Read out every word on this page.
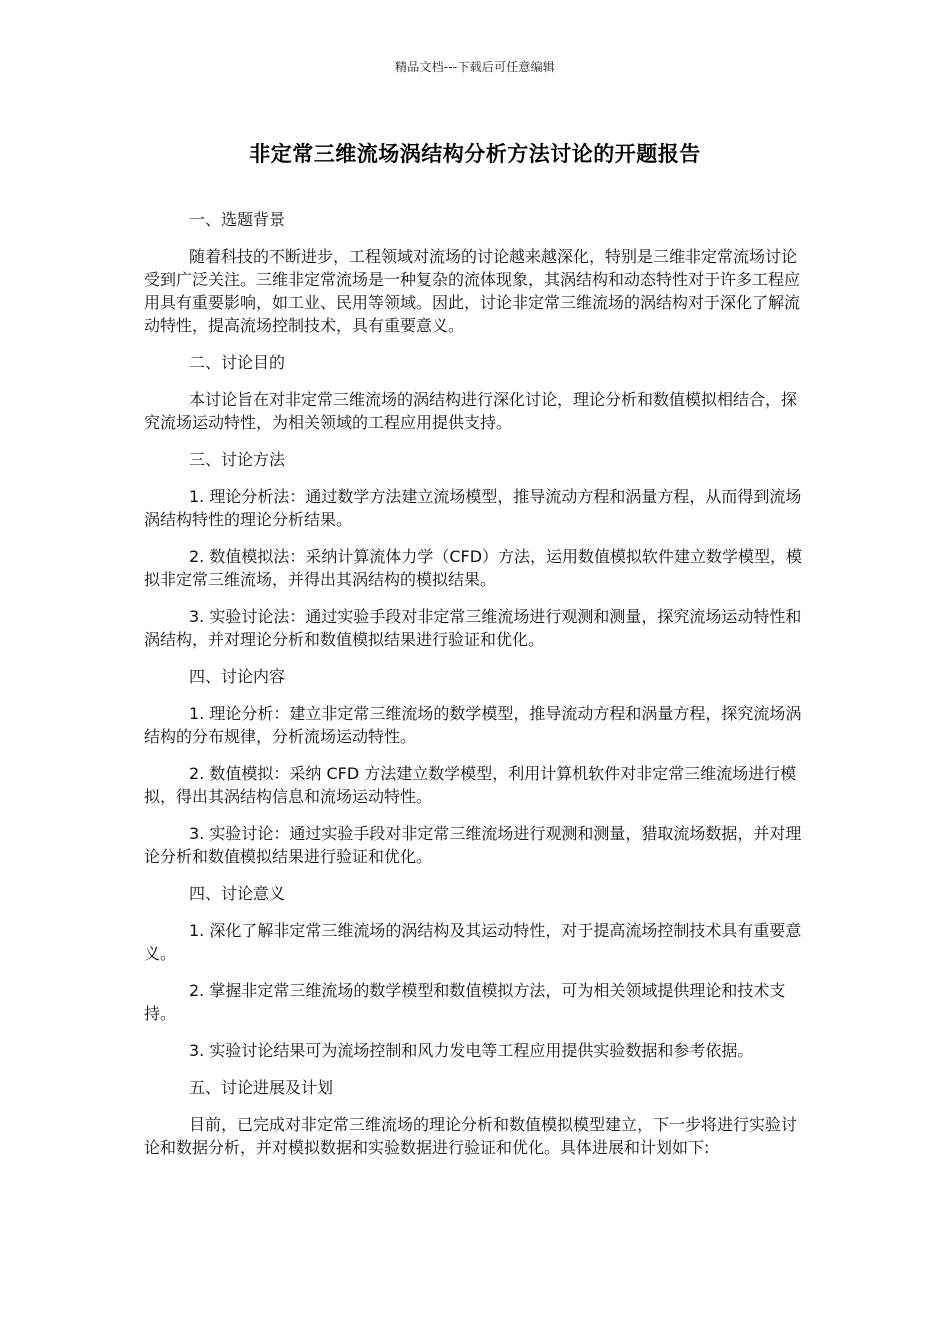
精品文档---下载后可任意编辑
非定常三维流场涡结构分析方法讨论的开题报告

一、选题背景

随着科技的不断进步，工程领域对流场的讨论越来越深化，特别是三维非定常流场讨论受到广泛关注。三维非定常流场是一种复杂的流体现象，其涡结构和动态特性对于许多工程应用具有重要影响，如工业、民用等领域。因此，讨论非定常三维流场的涡结构对于深化了解流动特性，提高流场控制技术，具有重要意义。

二、讨论目的

本讨论旨在对非定常三维流场的涡结构进行深化讨论，理论分析和数值模拟相结合，探究流场运动特性，为相关领域的工程应用提供支持。

三、讨论方法

1. 理论分析法：通过数学方法建立流场模型，推导流动方程和涡量方程，从而得到流场涡结构特性的理论分析结果。

2. 数值模拟法：采纳计算流体力学（CFD）方法，运用数值模拟软件建立数学模型，模拟非定常三维流场，并得出其涡结构的模拟结果。

3. 实验讨论法：通过实验手段对非定常三维流场进行观测和测量，探究流场运动特性和涡结构，并对理论分析和数值模拟结果进行验证和优化。

四、讨论内容

1. 理论分析：建立非定常三维流场的数学模型，推导流动方程和涡量方程，探究流场涡结构的分布规律，分析流场运动特性。

2. 数值模拟：采纳 CFD 方法建立数学模型，利用计算机软件对非定常三维流场进行模拟，得出其涡结构信息和流场运动特性。

3. 实验讨论：通过实验手段对非定常三维流场进行观测和测量，猎取流场数据，并对理论分析和数值模拟结果进行验证和优化。

四、讨论意义

1. 深化了解非定常三维流场的涡结构及其运动特性，对于提高流场控制技术具有重要意义。

2. 掌握非定常三维流场的数学模型和数值模拟方法，可为相关领域提供理论和技术支持。

3. 实验讨论结果可为流场控制和风力发电等工程应用提供实验数据和参考依据。

五、讨论进展及计划

目前，已完成对非定常三维流场的理论分析和数值模拟模型建立，下一步将进行实验讨论和数据分析，并对模拟数据和实验数据进行验证和优化。具体进展和计划如下:
